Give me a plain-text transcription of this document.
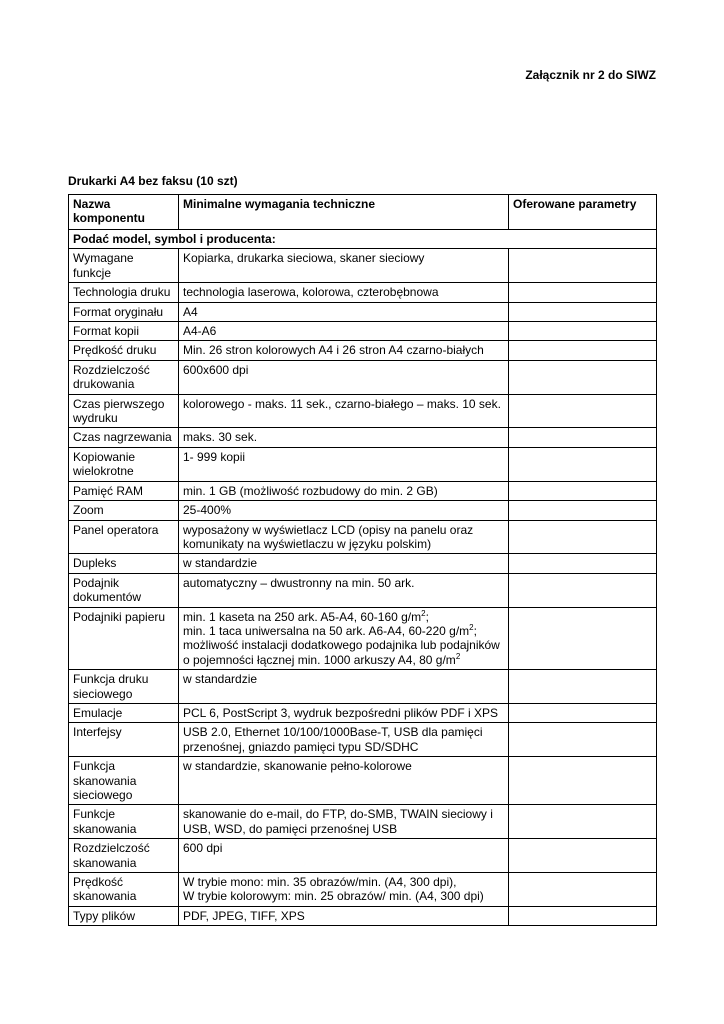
Załącznik nr 2 do SIWZ

Drukarki A4 bez faksu (10 szt)

Nazwa komponentu	Minimalne wymagania techniczne	Oferowane parametry
Podać model, symbol i producenta:		
Wymagane funkcje	Kopiarka, drukarka sieciowa, skaner sieciowy	
Technologia druku	technologia laserowa, kolorowa, czterobębnowa	
Format oryginału	A4	
Format kopii	A4-A6	
Prędkość druku	Min. 26 stron kolorowych A4 i 26 stron A4 czarno-białych	
Rozdzielczość drukowania	600x600 dpi	
Czas pierwszego wydruku	kolorowego - maks. 11 sek., czarno-białego – maks. 10 sek.	
Czas nagrzewania	maks. 30 sek.	
Kopiowanie wielokrotne	1- 999 kopii	
Pamięć RAM	min. 1 GB (możliwość rozbudowy do min. 2 GB)	
Zoom	25-400%	
Panel operatora	wyposażony w wyświetlacz LCD (opisy na panelu oraz komunikaty na wyświetlaczu w języku polskim)	
Dupleks	w standardzie	
Podajnik dokumentów	automatyczny – dwustronny na min. 50 ark.	
Podajniki papieru	min. 1 kaseta na 250 ark. A5-A4, 60-160 $g/m^2$;
min. 1 taca uniwersalna na 50 ark. A6-A4, 60-220 $g/m^2$;
możliwość instalacji dodatkowego podajnika lub podajników
o pojemności łącznej min. 1000 arkuszy A4, 80 $g/m^2$

Funkcja druku sieciowego	w standardzie	
Emulacje	PCL 6, PostScript 3, wydruk bezpośredni plików PDF i XPS	
Interfejsy	USB 2.0, Ethernet 10/100/1000Base-T, USB dla pamięci przenośnej, gniazdo pamięci typu SD/SDHC	
Funkcja skanowania sieciowego	w standardzie, skanowanie pełno-kolorowe	
Funkcje skanowania	skanowanie do e-mail, do FTP, do-SMB, TWAIN sieciowy i USB, WSD, do pamięci przenośnej USB	
Rozdzielczość skanowania	600 dpi	
Prędkość skanowania	W trybie mono: min. 35 obrazów/min. (A4, 300 dpi),
W trybie kolorowym: min. 25 obrazów/ min. (A4, 300 dpi)	

Typy plików	PDF, JPEG, TIFF, XPS	
